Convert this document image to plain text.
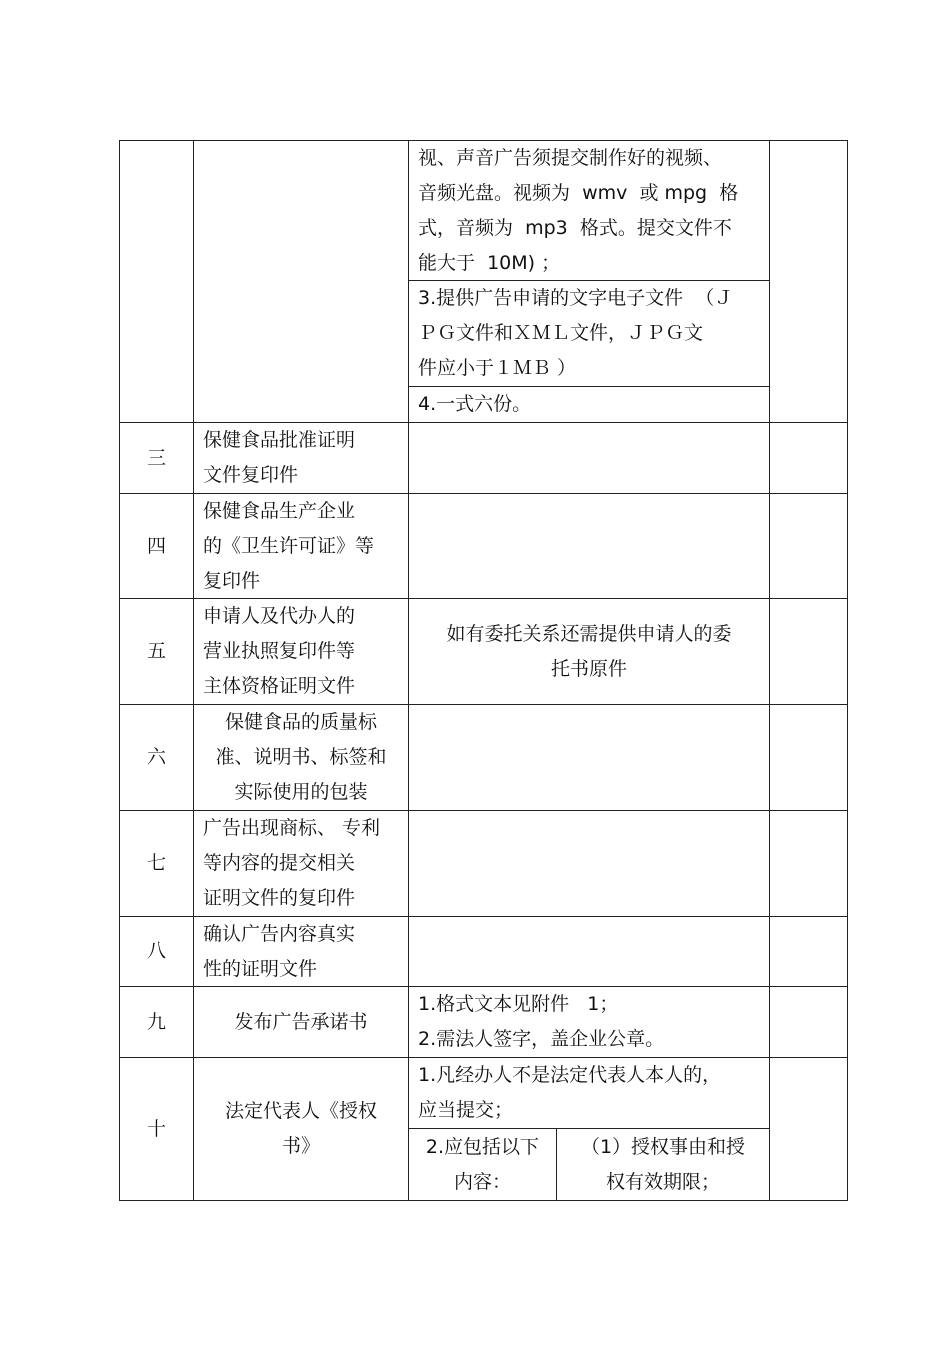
视、声音广告须提交制作好的视频、
音频光盘。视频为  wmv  或 mpg  格
式，音频为  mp3  格式。提交文件不
能大于  10M) ；
3.提供广告申请的文字电子文件  （Ｊ
ＰＧ文件和ＸＭＬ文件，ＪＰＧ文
件应小于１ＭＢ ）
4.一式六份。
三
保健食品批准证明
文件复印件
四
保健食品生产企业
的《卫生许可证》等
复印件
五
申请人及代办人的
营业执照复印件等
主体资格证明文件
如有委托关系还需提供申请人的委
托书原件
六
保健食品的质量标
准、说明书、标签和
实际使用的包装
七
广告出现商标、 专利
等内容的提交相关
证明文件的复印件
八
确认广告内容真实
性的证明文件
九	发布广告承诺书
1.格式文本见附件   1；
2.需法人签字，盖企业公章。
十
法定代表人《授权
书》
1.凡经办人不是法定代表人本人的，
应当提交；
2.应包括以下
内容：
（1）授权事由和授
权有效期限；
